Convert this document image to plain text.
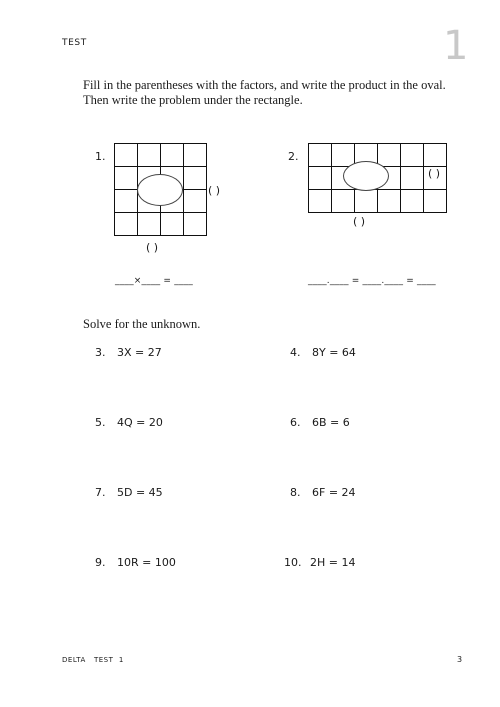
TEST	1
Fill in the parentheses with the factors, and write the product in the oval.
Then write the problem under the rectangle.
1.

( )
( )
____×____ = ____
2.

( )
( )
____.____ = ____.____ = ____
Solve for the unknown.
3. 3X = 27	4. 8Y = 64
5. 4Q = 20	6. 6B = 6
7. 5D = 45	8. 6F = 24
9. 10R = 100	10. 2H = 14
DELTA   TEST  1	3
